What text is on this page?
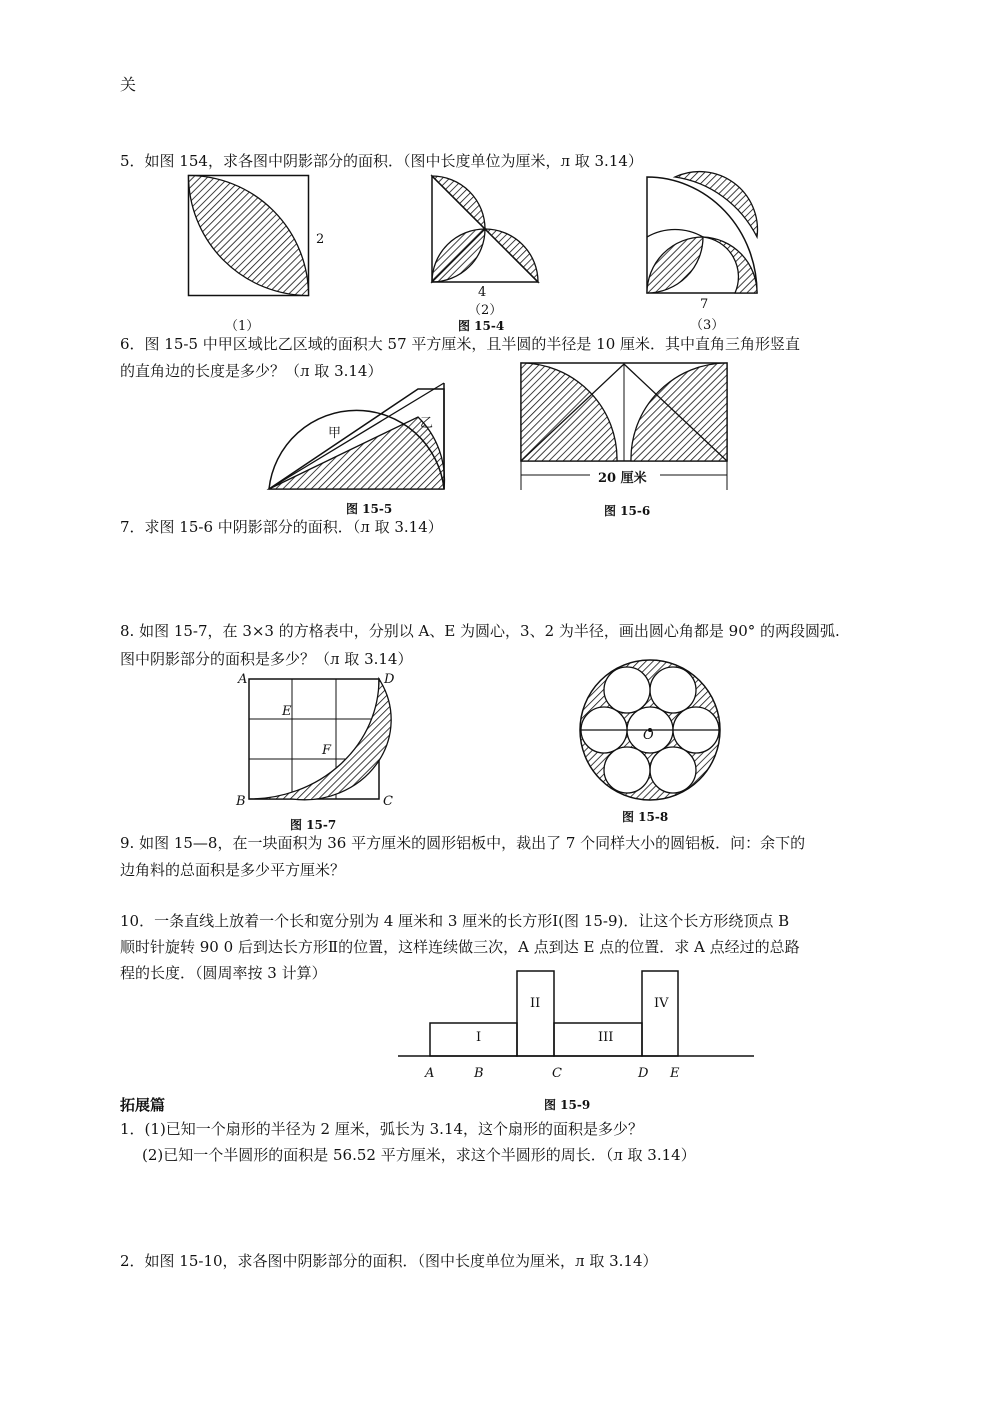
关
5．如图 154，求各图中阴影部分的面积．（图中长度单位为厘米，л 取 3.14）
2
（1）
4
（2）
图 15-4
7
（3）
6．图 15-5 中甲区域比乙区域的面积大 57 平方厘米，且半圆的半径是 10 厘米．其中直角三角形竖直
的直角边的长度是多少？（л 取 3.14）
甲
乙
图 15-5
20 厘米
图 15-6
7．求图 15-6 中阴影部分的面积．（л 取 3.14）
8. 如图 15-7，在 3×3 的方格表中，分别以 A、E 为圆心，3、2 为半径，画出圆心角都是 90° 的两段圆弧.
图中阴影部分的面积是多少？（л 取 3.14）
A	D
E
F
B	C
图 15-7
O
图 15-8
9. 如图 15—8，在一块面积为 36 平方厘米的圆形铝板中，裁出了 7 个同样大小的圆铝板．问：余下的
边角料的总面积是多少平方厘米？
10．一条直线上放着一个长和宽分别为 4 厘米和 3 厘米的长方形Ⅰ(图 15-9)．让这个长方形绕顶点 B
顺时针旋转 90 0 后到达长方形Ⅱ的位置，这样连续做三次，A 点到达 E 点的位置．求 A 点经过的总路
程的长度．（圆周率按 3 计算）
I
II
III
IV
A	B	C	D E
图 15-9
拓展篇
1．(1)已知一个扇形的半径为 2 厘米，弧长为 3.14，这个扇形的面积是多少？
(2)已知一个半圆形的面积是 56.52 平方厘米，求这个半圆形的周长．（л 取 3.14）
2．如图 15-10，求各图中阴影部分的面积．（图中长度单位为厘米，л 取 3.14）
